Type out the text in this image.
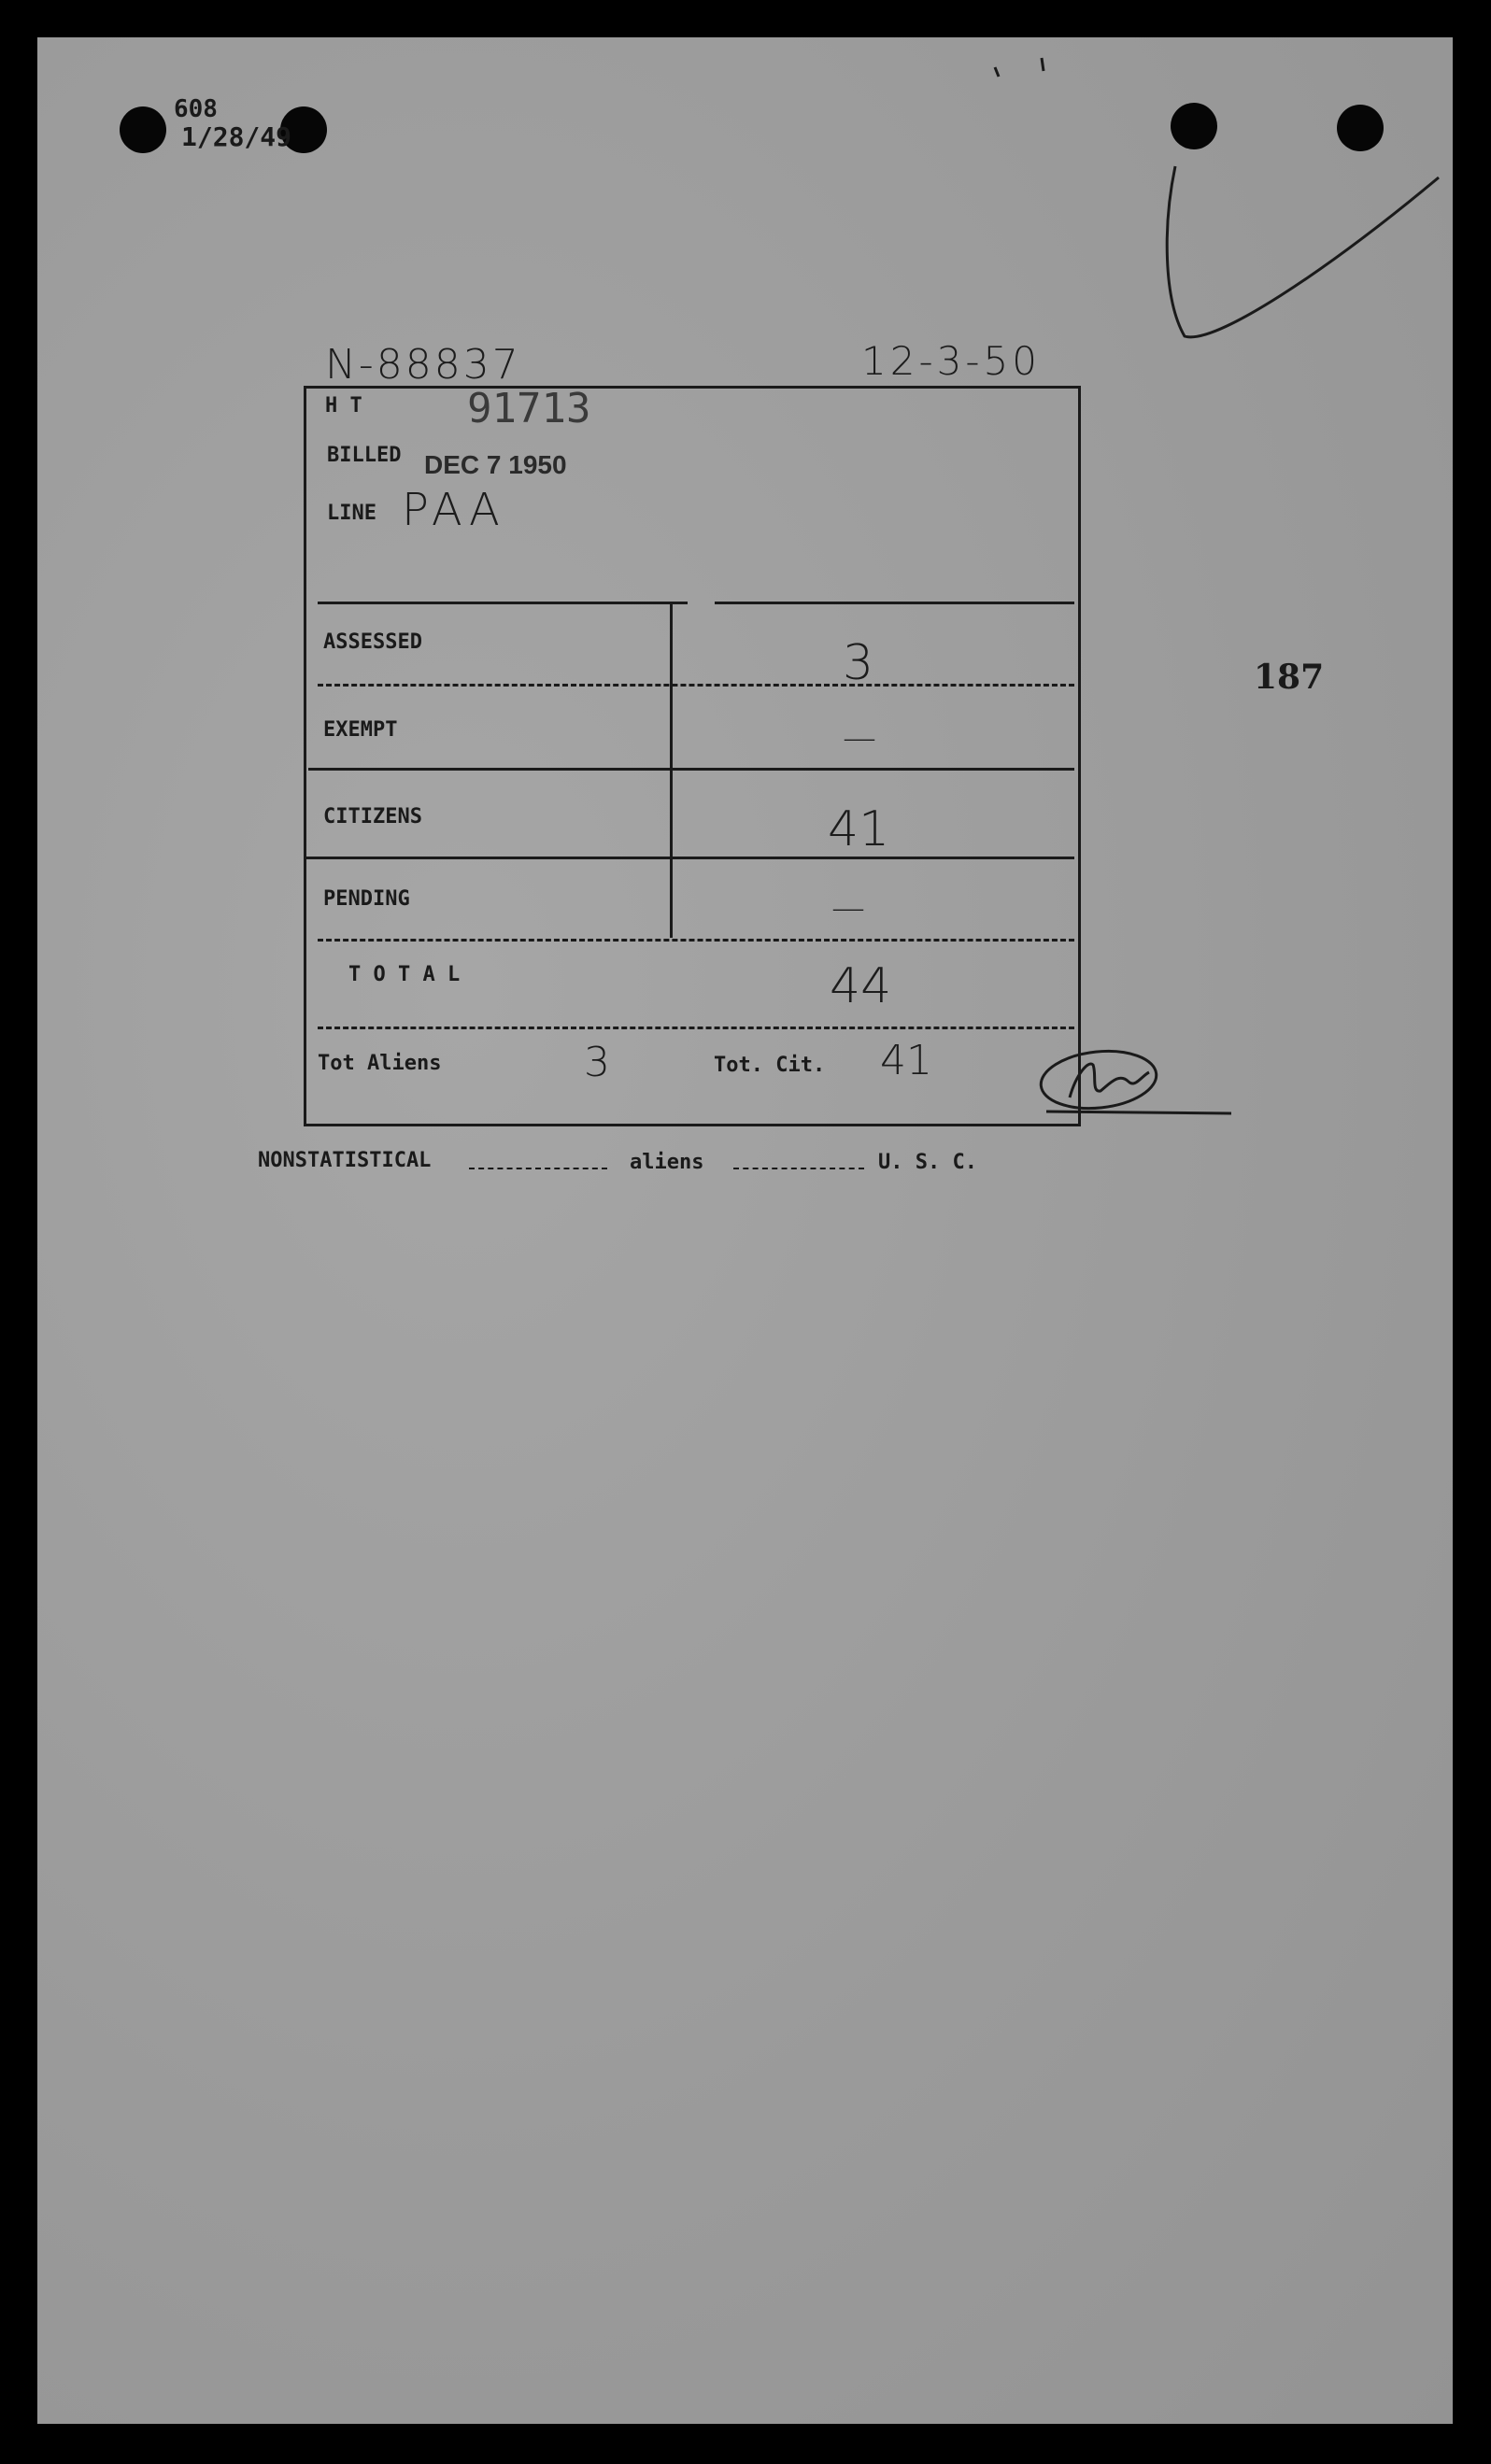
608
1/28/49
187
N-88837	12-3-50
H T	91713
BILLED DEC 7 1950
LINE PAA
ASSESSED	3
EXEMPT	—
CITIZENS	41
PENDING	—
T O T A L	44
Tot Aliens	3	Tot. Cit. 41
NONSTATISTICAL	aliens	U. S. C.
